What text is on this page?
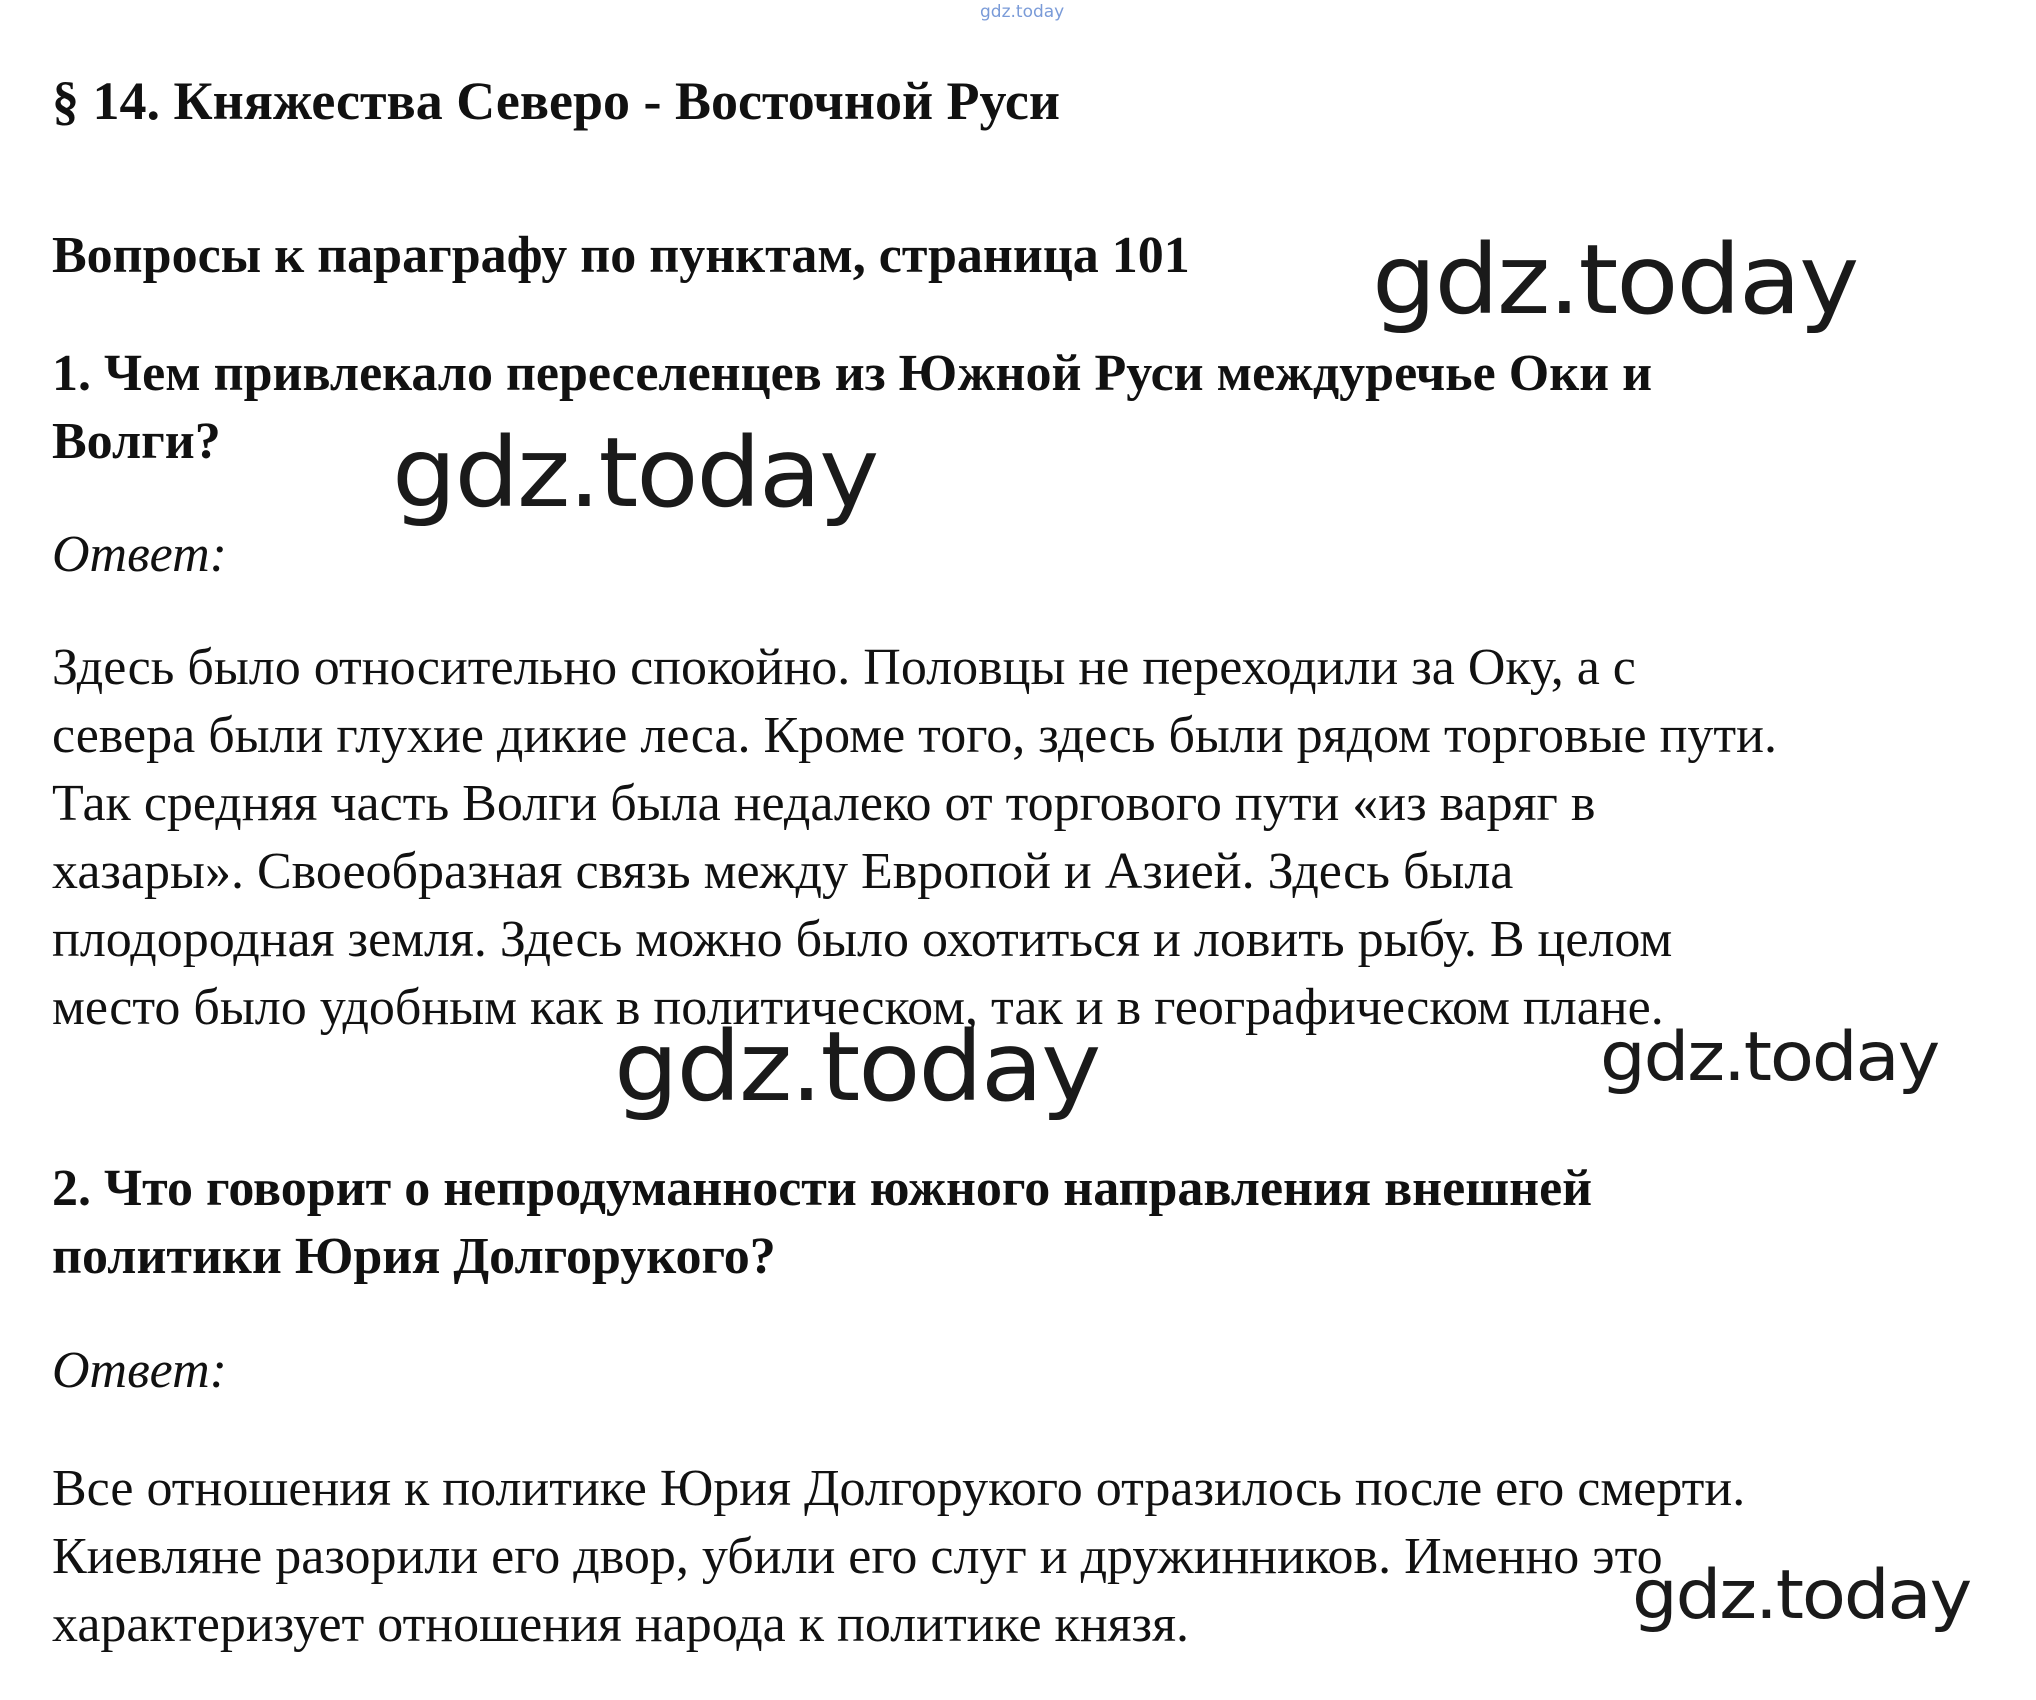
gdz.today
§ 14. Княжества Северо - Восточной Руси
Вопросы к параграфу по пунктам, страница 101
1. Чем привлекало переселенцев из Южной Руси междуречье Оки и
Волги?
Ответ:
Здесь было относительно спокойно. Половцы не переходили за Оку, а с
севера были глухие дикие леса. Кроме того, здесь были рядом торговые пути.
Так средняя часть Волги была недалеко от торгового пути «из варяг в
хазары». Своеобразная связь между Европой и Азией. Здесь была
плодородная земля. Здесь можно было охотиться и ловить рыбу. В целом
место было удобным как в политическом, так и в географическом плане.
2. Что говорит о непродуманности южного направления внешней
политики Юрия Долгорукого?
Ответ:
Все отношения к политике Юрия Долгорукого отразилось после его смерти.
Киевляне разорили его двор, убили его слуг и дружинников. Именно это
характеризует отношения народа к политике князя.
gdz.today
gdz.today
gdz.today	gdz.today
gdz.today
